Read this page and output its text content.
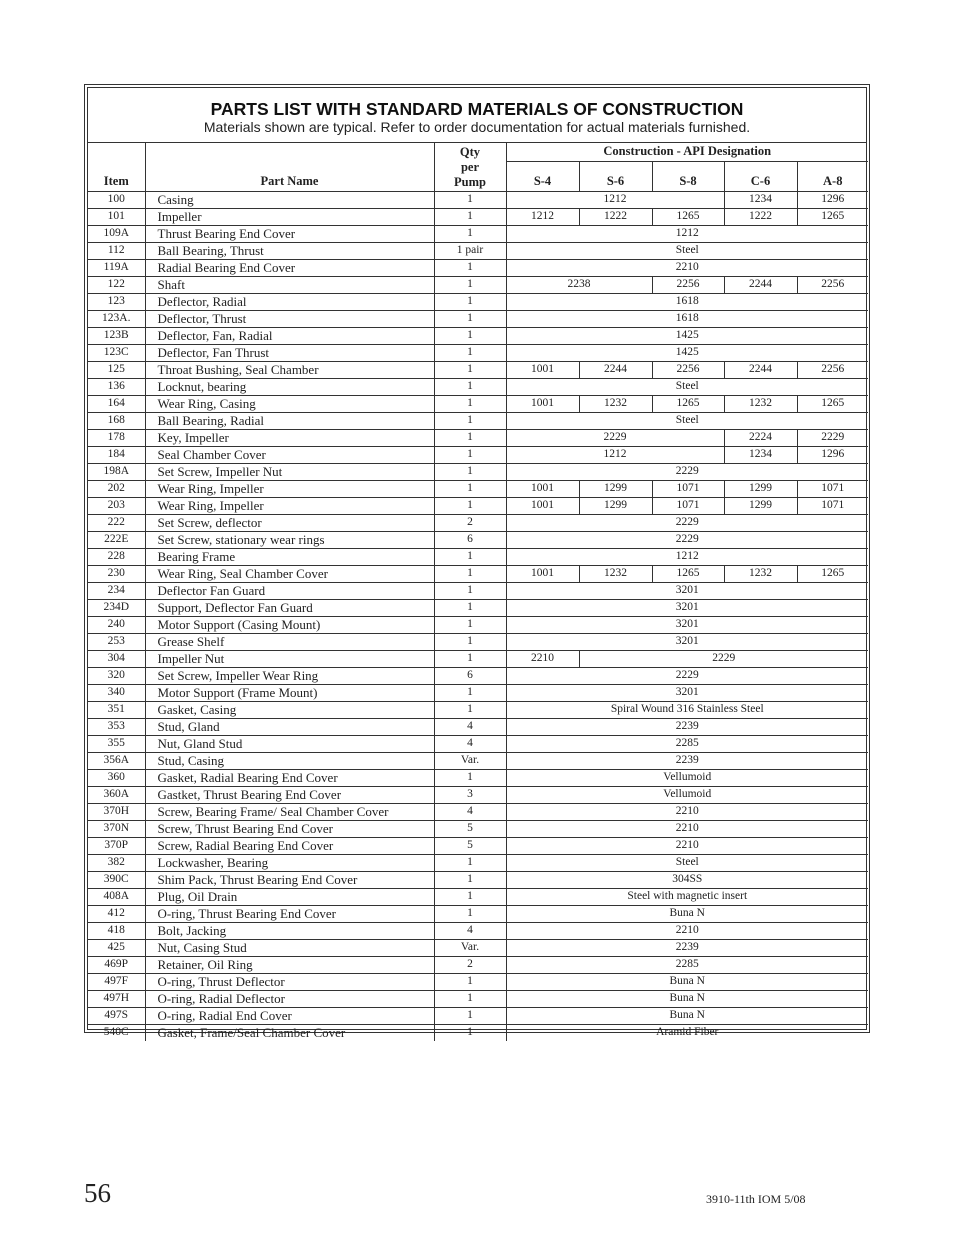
PARTS LIST WITH STANDARD MATERIALS OF CONSTRUCTION
Materials shown are typical. Refer to order documentation for actual materials furnished.
Item	Part Name	Qty
per
Pump	Construction - API Designation				
			S-4	S-6	S-8	C-6	A-8
100	Casing	1	1212			1234	1296
101	Impeller	1	1212	1222	1265	1222	1265
109A	Thrust Bearing End Cover	1	1212				
112	Ball Bearing, Thrust	1 pair	Steel				
119A	Radial Bearing End Cover	1	2210				
122	Shaft	1	2238		2256	2244	2256
123	Deflector, Radial	1	1618				
123A.	Deflector, Thrust	1	1618				
123B	Deflector, Fan, Radial	1	1425				
123C	Deflector, Fan Thrust	1	1425				
125	Throat Bushing, Seal Chamber	1	1001	2244	2256	2244	2256
136	Locknut, bearing	1	Steel				
164	Wear Ring, Casing	1	1001	1232	1265	1232	1265
168	Ball Bearing, Radial	1	Steel				
178	Key, Impeller	1	2229			2224	2229
184	Seal Chamber Cover	1	1212			1234	1296
198A	Set Screw, Impeller Nut	1	2229				
202	Wear Ring, Impeller	1	1001	1299	1071	1299	1071
203	Wear Ring, Impeller	1	1001	1299	1071	1299	1071
222	Set Screw, deflector	2	2229				
222E	Set Screw, stationary wear rings	6	2229				
228	Bearing Frame	1	1212				
230	Wear Ring, Seal Chamber Cover	1	1001	1232	1265	1232	1265
234	Deflector Fan Guard	1	3201				
234D	Support, Deflector Fan Guard	1	3201				
240	Motor Support (Casing Mount)	1	3201				
253	Grease Shelf	1	3201				
304	Impeller Nut	1	2210	2229			
320	Set Screw, Impeller Wear Ring	6	2229				
340	Motor Support (Frame Mount)	1	3201				
351	Gasket, Casing	1	Spiral Wound 316 Stainless Steel				
353	Stud, Gland	4	2239				
355	Nut, Gland Stud	4	2285				
356A	Stud, Casing	Var.	2239				
360	Gasket, Radial Bearing End Cover	1	Vellumoid				
360A	Gastket, Thrust Bearing End Cover	3	Vellumoid				
370H	Screw, Bearing Frame/ Seal Chamber Cover	4	2210				
370N	Screw, Thrust Bearing End Cover	5	2210				
370P	Screw, Radial Bearing End Cover	5	2210				
382	Lockwasher, Bearing	1	Steel				
390C	Shim Pack, Thrust Bearing End Cover	1	304SS				
408A	Plug, Oil Drain	1	Steel with magnetic insert				
412	O-ring, Thrust Bearing End Cover	1	Buna N				
418	Bolt, Jacking	4	2210				
425	Nut, Casing Stud	Var.	2239				
469P	Retainer, Oil Ring	2	2285				
497F	O-ring, Thrust Deflector	1	Buna N				
497H	O-ring, Radial Deflector	1	Buna N				
497S	O-ring, Radial End Cover	1	Buna N				
540C	Gasket, Frame/Seal Chamber Cover	1	Aramid Fiber				
56	3910-11th IOM 5/08
